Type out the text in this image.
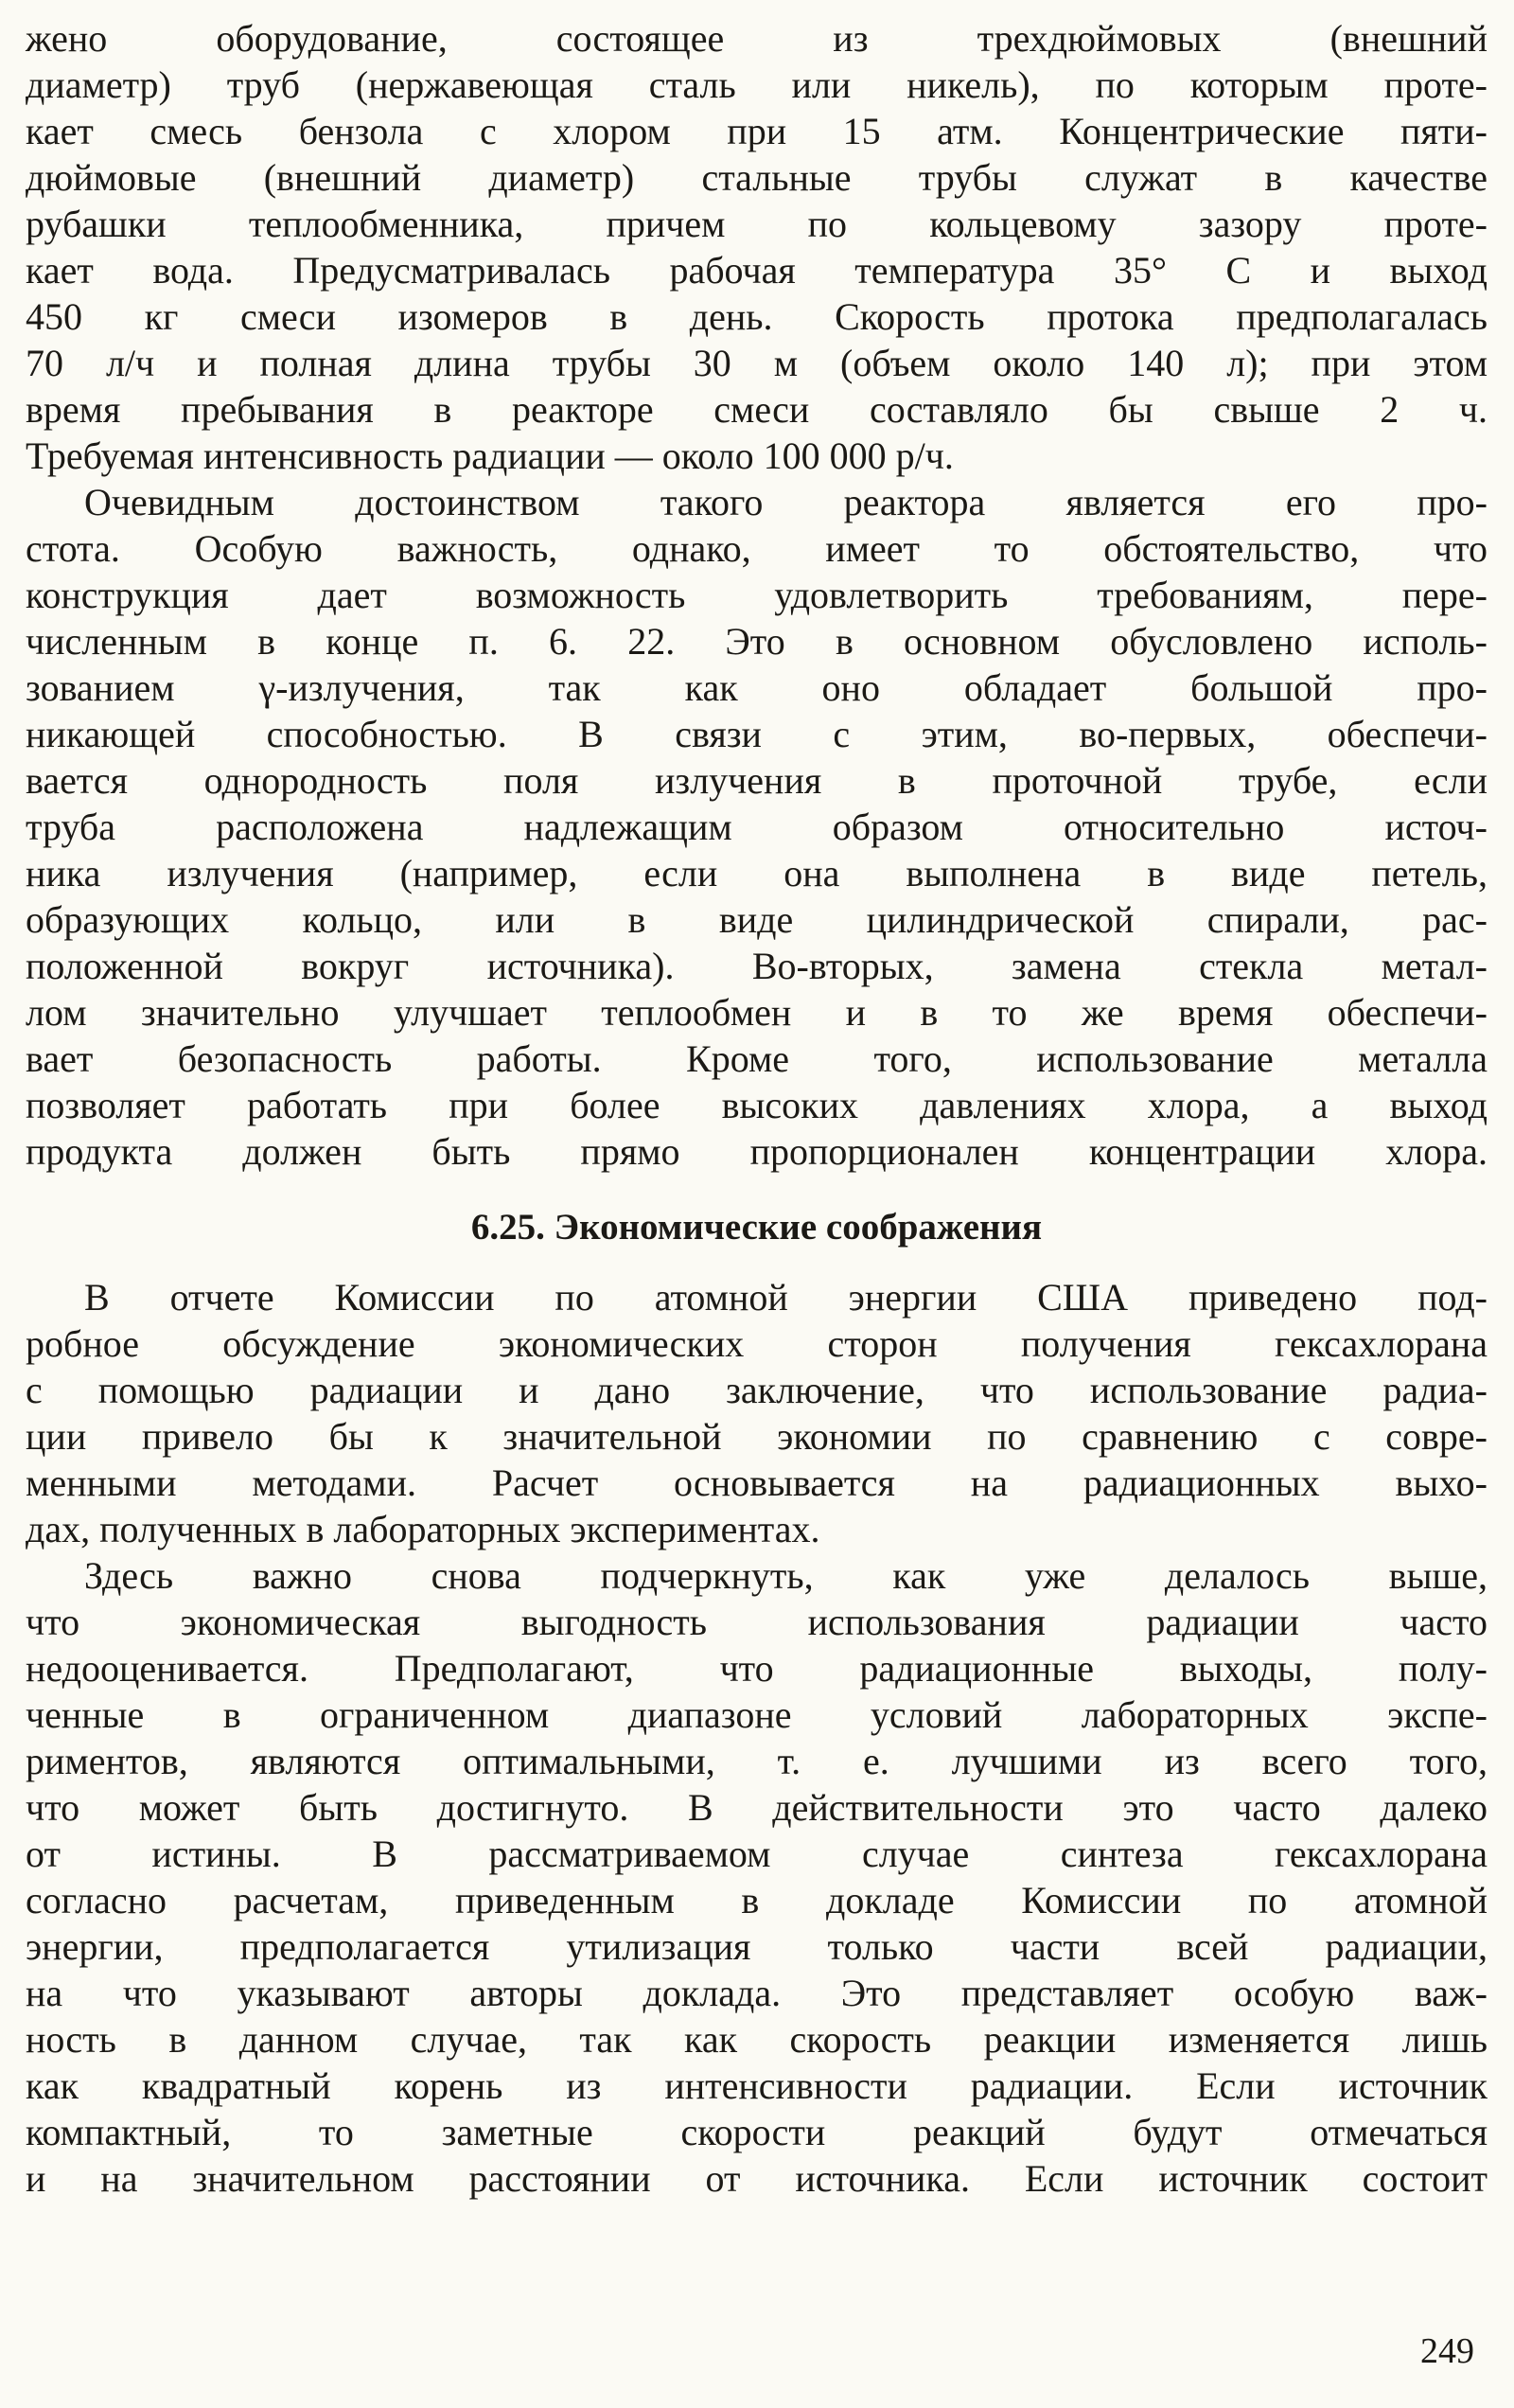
жено оборудование, состоящее из трехдюймовых (внешний
диаметр) труб (нержавеющая сталь или никель), по которым проте-
кает смесь бензола с хлором при 15 атм. Концентрические пяти-
дюймовые (внешний диаметр) стальные трубы служат в качестве
рубашки теплообменника, причем по кольцевому зазору проте-
кает вода. Предусматривалась рабочая температура 35° С и выход
450 кг смеси изомеров в день. Скорость протока предполагалась
70 л/ч и полная длина трубы 30 м (объем около 140 л); при этом
время пребывания в реакторе смеси составляло бы свыше 2 ч.
Требуемая интенсивность радиации — около 100 000 р/ч.
Очевидным достоинством такого реактора является его про-
стота. Особую важность, однако, имеет то обстоятельство, что
конструкция дает возможность удовлетворить требованиям, пере-
численным в конце п. 6. 22. Это в основном обусловлено исполь-
зованием γ-излучения, так как оно обладает большой про-
никающей способностью. В связи с этим, во-первых, обеспечи-
вается однородность поля излучения в проточной трубе, если
труба расположена надлежащим образом относительно источ-
ника излучения (например, если она выполнена в виде петель,
образующих кольцо, или в виде цилиндрической спирали, рас-
положенной вокруг источника). Во-вторых, замена стекла метал-
лом значительно улучшает теплообмен и в то же время обеспечи-
вает безопасность работы. Кроме того, использование металла
позволяет работать при более высоких давлениях хлора, а выход
продукта должен быть прямо пропорционален концентрации хлора.
6.25. Экономические соображения
В отчете Комиссии по атомной энергии США приведено под-
робное обсуждение экономических сторон получения гексахлорана
с помощью радиации и дано заключение, что использование радиа-
ции привело бы к значительной экономии по сравнению с совре-
менными методами. Расчет основывается на радиационных выхо-
дах, полученных в лабораторных экспериментах.
Здесь важно снова подчеркнуть, как уже делалось выше,
что экономическая выгодность использования радиации часто
недооценивается. Предполагают, что радиационные выходы, полу-
ченные в ограниченном диапазоне условий лабораторных экспе-
риментов, являются оптимальными, т. е. лучшими из всего того,
что может быть достигнуто. В действительности это часто далеко
от истины. В рассматриваемом случае синтеза гексахлорана
согласно расчетам, приведенным в докладе Комиссии по атомной
энергии, предполагается утилизация только части всей радиации,
на что указывают авторы доклада. Это представляет особую важ-
ность в данном случае, так как скорость реакции изменяется лишь
как квадратный корень из интенсивности радиации. Если источник
компактный, то заметные скорости реакций будут отмечаться
и на значительном расстоянии от источника. Если источник состоит
249
